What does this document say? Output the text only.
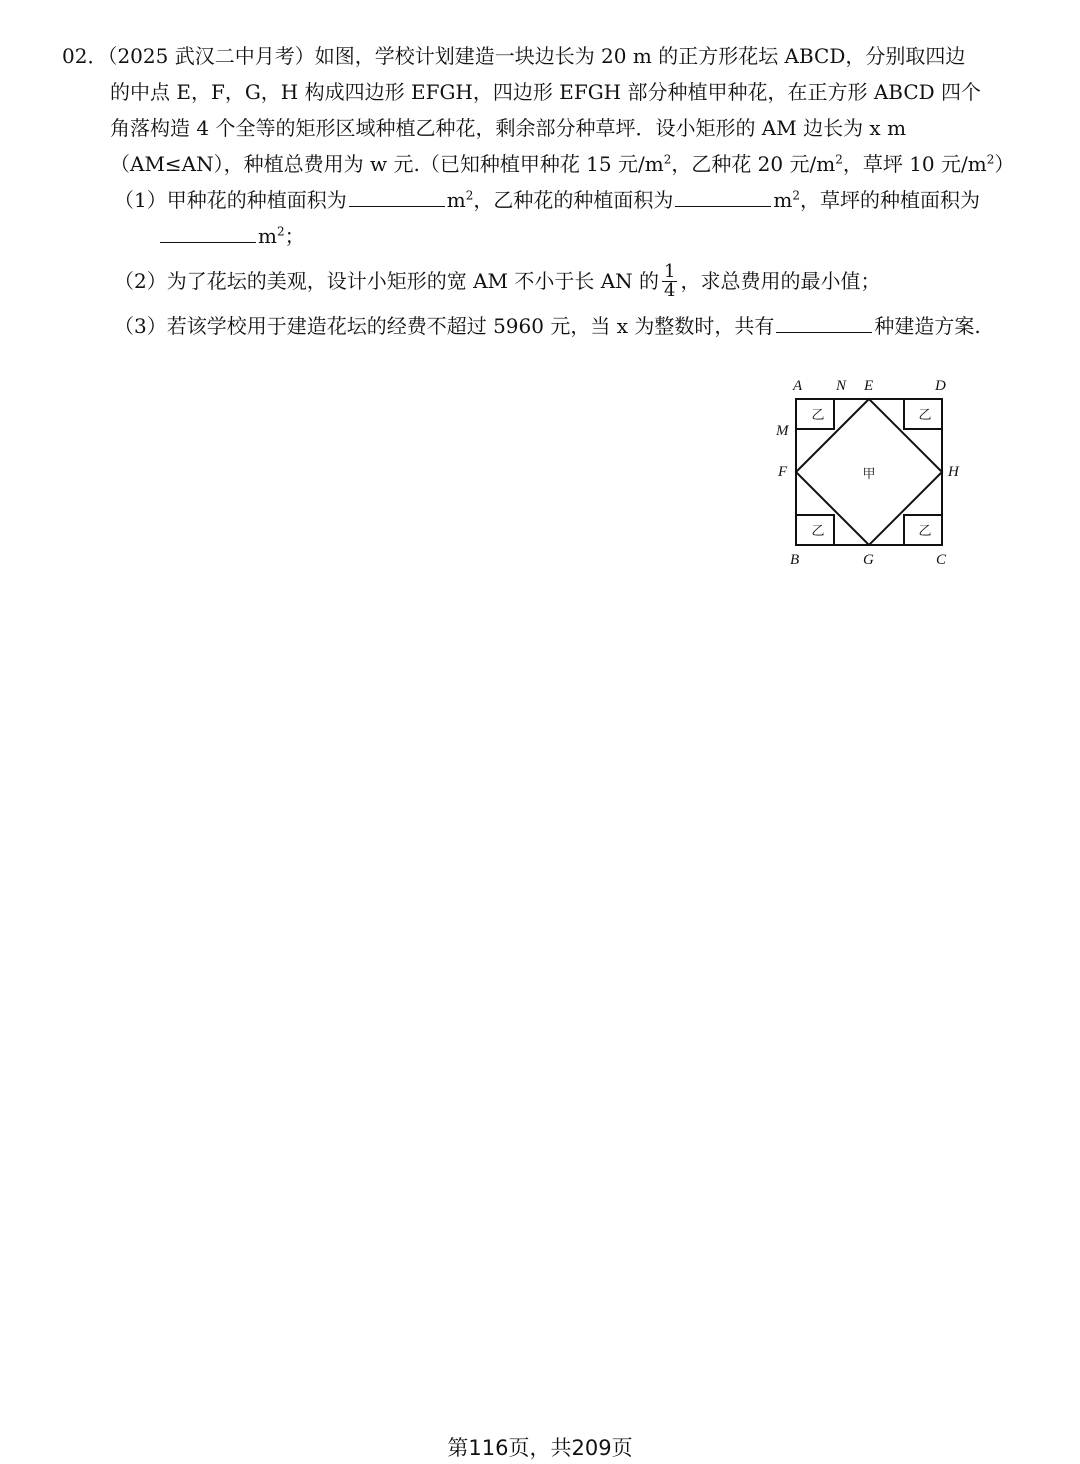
02．（2025 武汉二中月考）如图，学校计划建造一块边长为 20 m 的正方形花坛 ABCD，分别取四边
的中点 E，F，G，H 构成四边形 EFGH，四边形 EFGH 部分种植甲种花，在正方形 ABCD 四个
角落构造 4 个全等的矩形区域种植乙种花，剩余部分种草坪．设小矩形的 AM 边长为 x m
（AM≤AN），种植总费用为 w 元.（已知种植甲种花 15 元$/m^2$，乙种花 20 元$/m^2$，草坪 10 元$/m^2$）
（1）甲种花的种植面积为	$m^2$，乙种花的种植面积为	$m^2$，草坪的种植面积为
$m^2$；
（2）为了花坛的美观，设计小矩形的宽 AM 不小于长 AN 的 $\frac{1}{4}$ ，求总费用的最小值；
（3）若该学校用于建造花坛的经费不超过 5960 元，当 x 为整数时，共有	种建造方案.
A N E	D
M
F	H
B	G	C
甲
乙	乙
乙	乙
第116页，共209页
